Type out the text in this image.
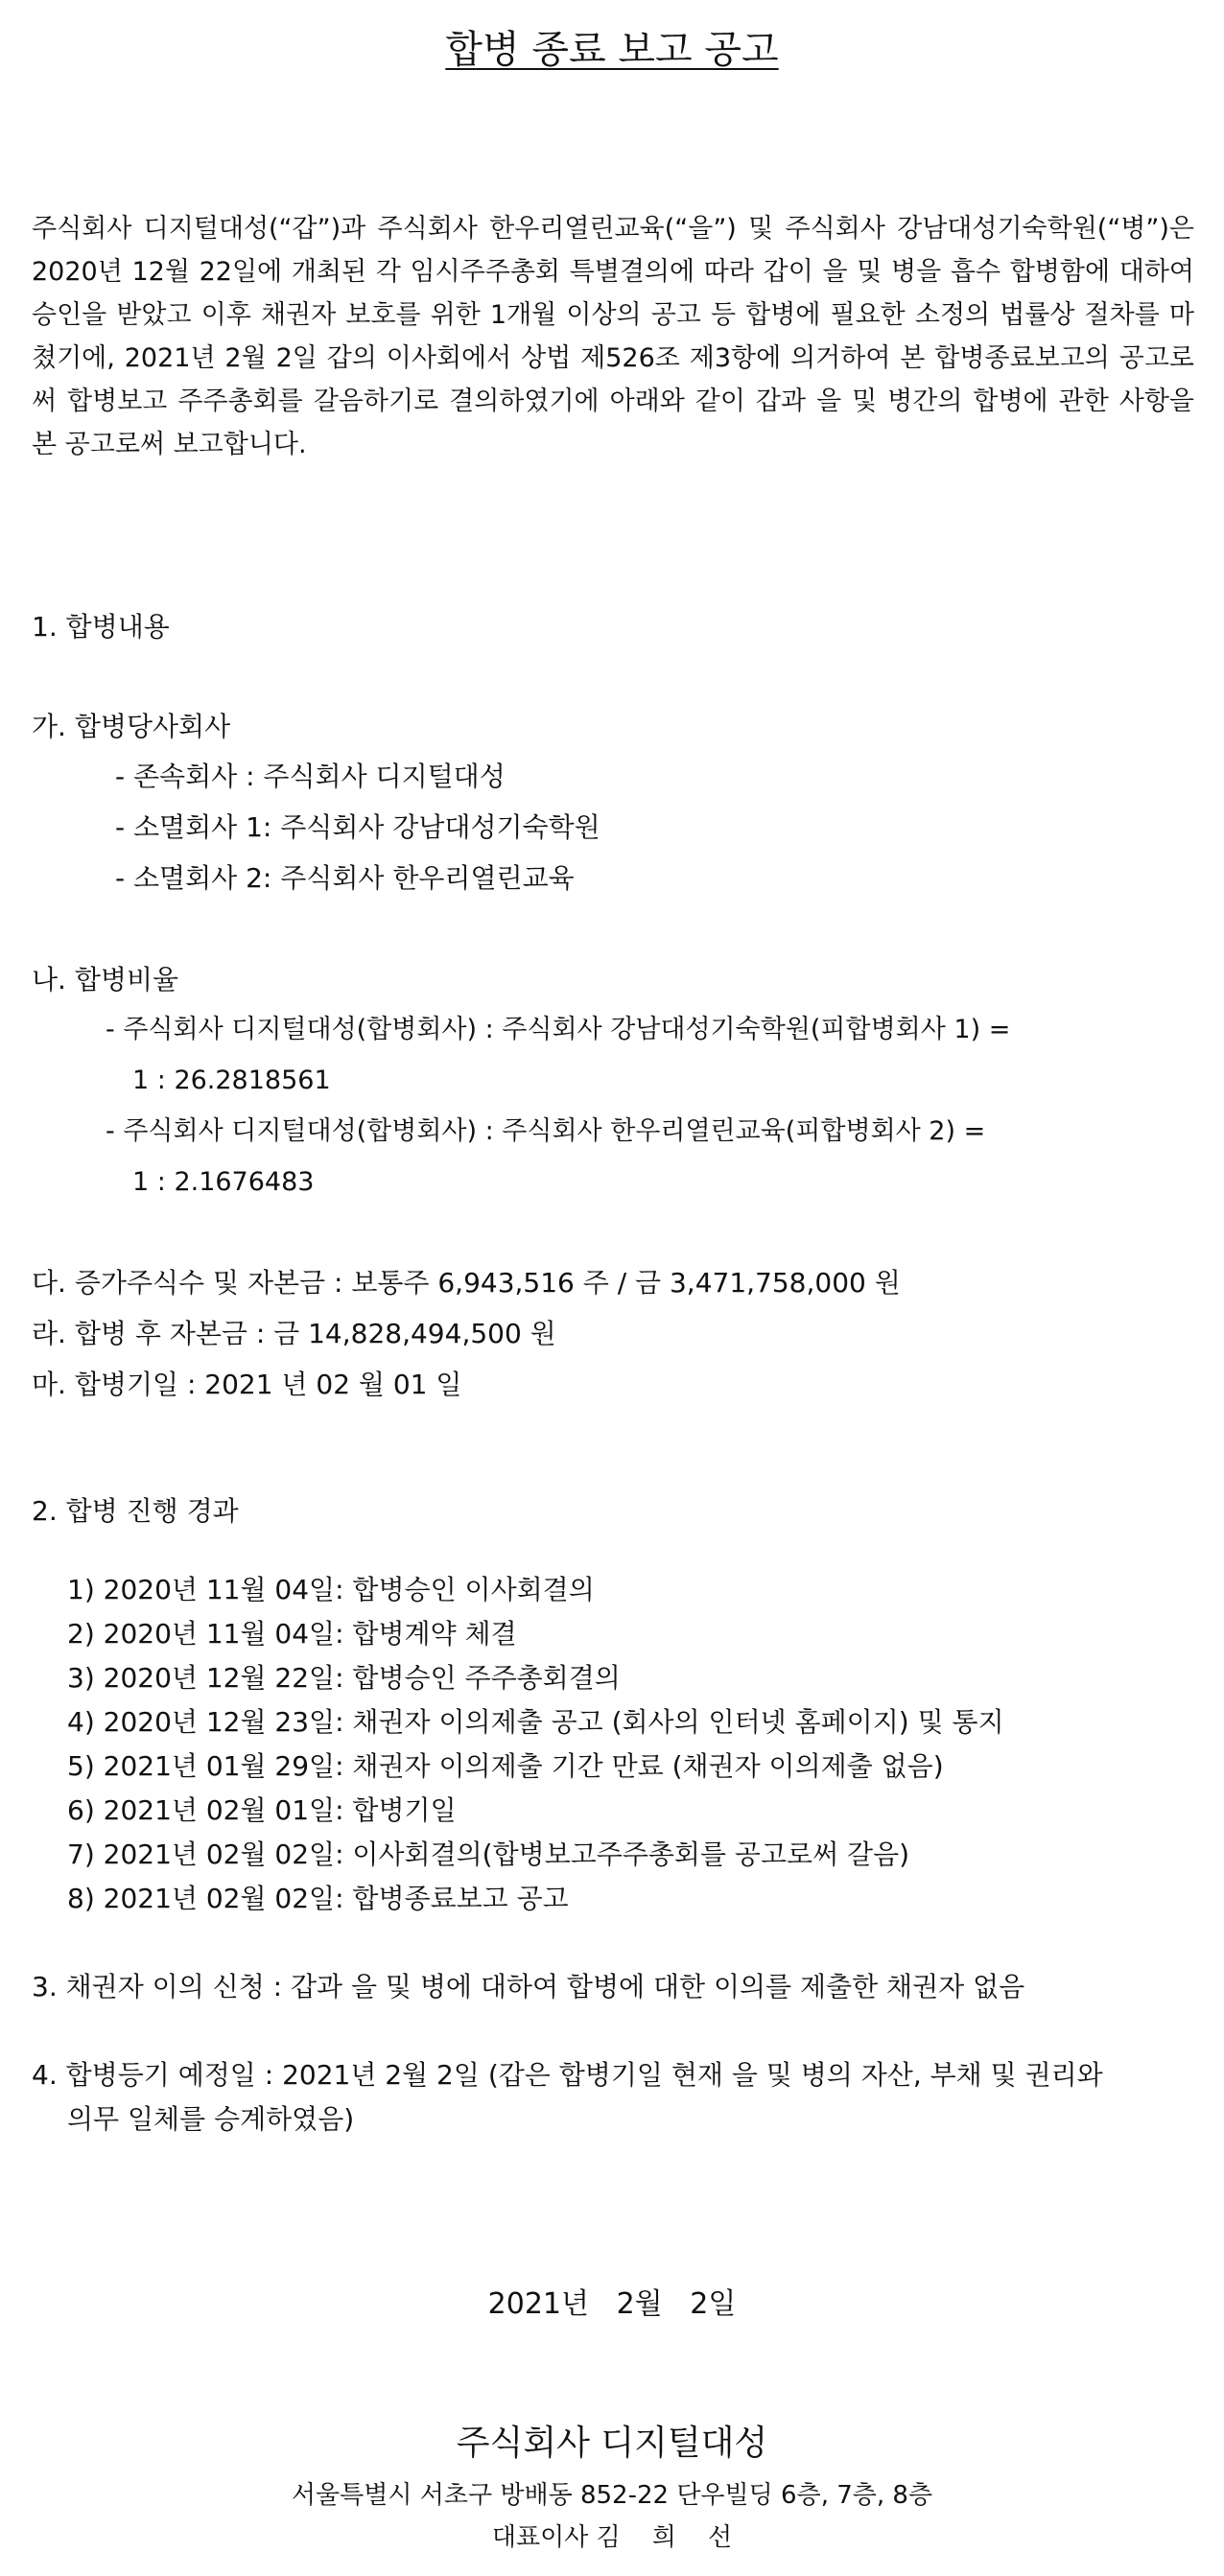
합병 종료 보고 공고
주식회사 디지털대성(“갑”)과 주식회사 한우리열린교육(“을”) 및 주식회사 강남대성기숙학원(“병”)은 2020년 12월 22일에 개최된 각 임시주주총회 특별결의에 따라 갑이 을 및 병을 흡수 합병함에 대하여 승인을 받았고 이후 채권자 보호를 위한 1개월 이상의 공고 등 합병에 필요한 소정의 법률상 절차를 마쳤기에, 2021년 2월 2일 갑의 이사회에서 상법 제526조 제3항에 의거하여 본 합병종료보고의 공고로써 합병보고 주주총회를 갈음하기로 결의하였기에 아래와 같이 갑과 을 및 병간의 합병에 관한 사항을 본 공고로써 보고합니다.
1. 합병내용
가. 합병당사회사
- 존속회사 : 주식회사 디지털대성
- 소멸회사 1: 주식회사 강남대성기숙학원
- 소멸회사 2: 주식회사 한우리열린교육
나. 합병비율
- 주식회사 디지털대성(합병회사) : 주식회사 강남대성기숙학원(피합병회사 1) =
1 : 26.2818561
- 주식회사 디지털대성(합병회사) : 주식회사 한우리열린교육(피합병회사 2) =
1 : 2.1676483
다. 증가주식수 및 자본금 : 보통주 6,943,516 주 / 금 3,471,758,000 원
라. 합병 후 자본금 : 금 14,828,494,500 원
마. 합병기일 : 2021 년 02 월 01 일
2. 합병 진행 경과
1) 2020년 11월 04일: 합병승인 이사회결의
2) 2020년 11월 04일: 합병계약 체결
3) 2020년 12월 22일: 합병승인 주주총회결의
4) 2020년 12월 23일: 채권자 이의제출 공고 (회사의 인터넷 홈페이지) 및 통지
5) 2021년 01월 29일: 채권자 이의제출 기간 만료 (채권자 이의제출 없음)
6) 2021년 02월 01일: 합병기일
7) 2021년 02월 02일: 이사회결의(합병보고주주총회를 공고로써 갈음)
8) 2021년 02월 02일: 합병종료보고 공고
3. 채권자 이의 신청 : 갑과 을 및 병에 대하여 합병에 대한 이의를 제출한 채권자 없음
4. 합병등기 예정일 : 2021년 2월 2일 (갑은 합병기일 현재 을 및 병의 자산, 부채 및 권리와
의무 일체를 승계하였음)
2021년   2월   2일
주식회사 디지털대성
서울특별시 서초구 방배동 852-22 단우빌딩 6층, 7층, 8층
대표이사 김    희    선
